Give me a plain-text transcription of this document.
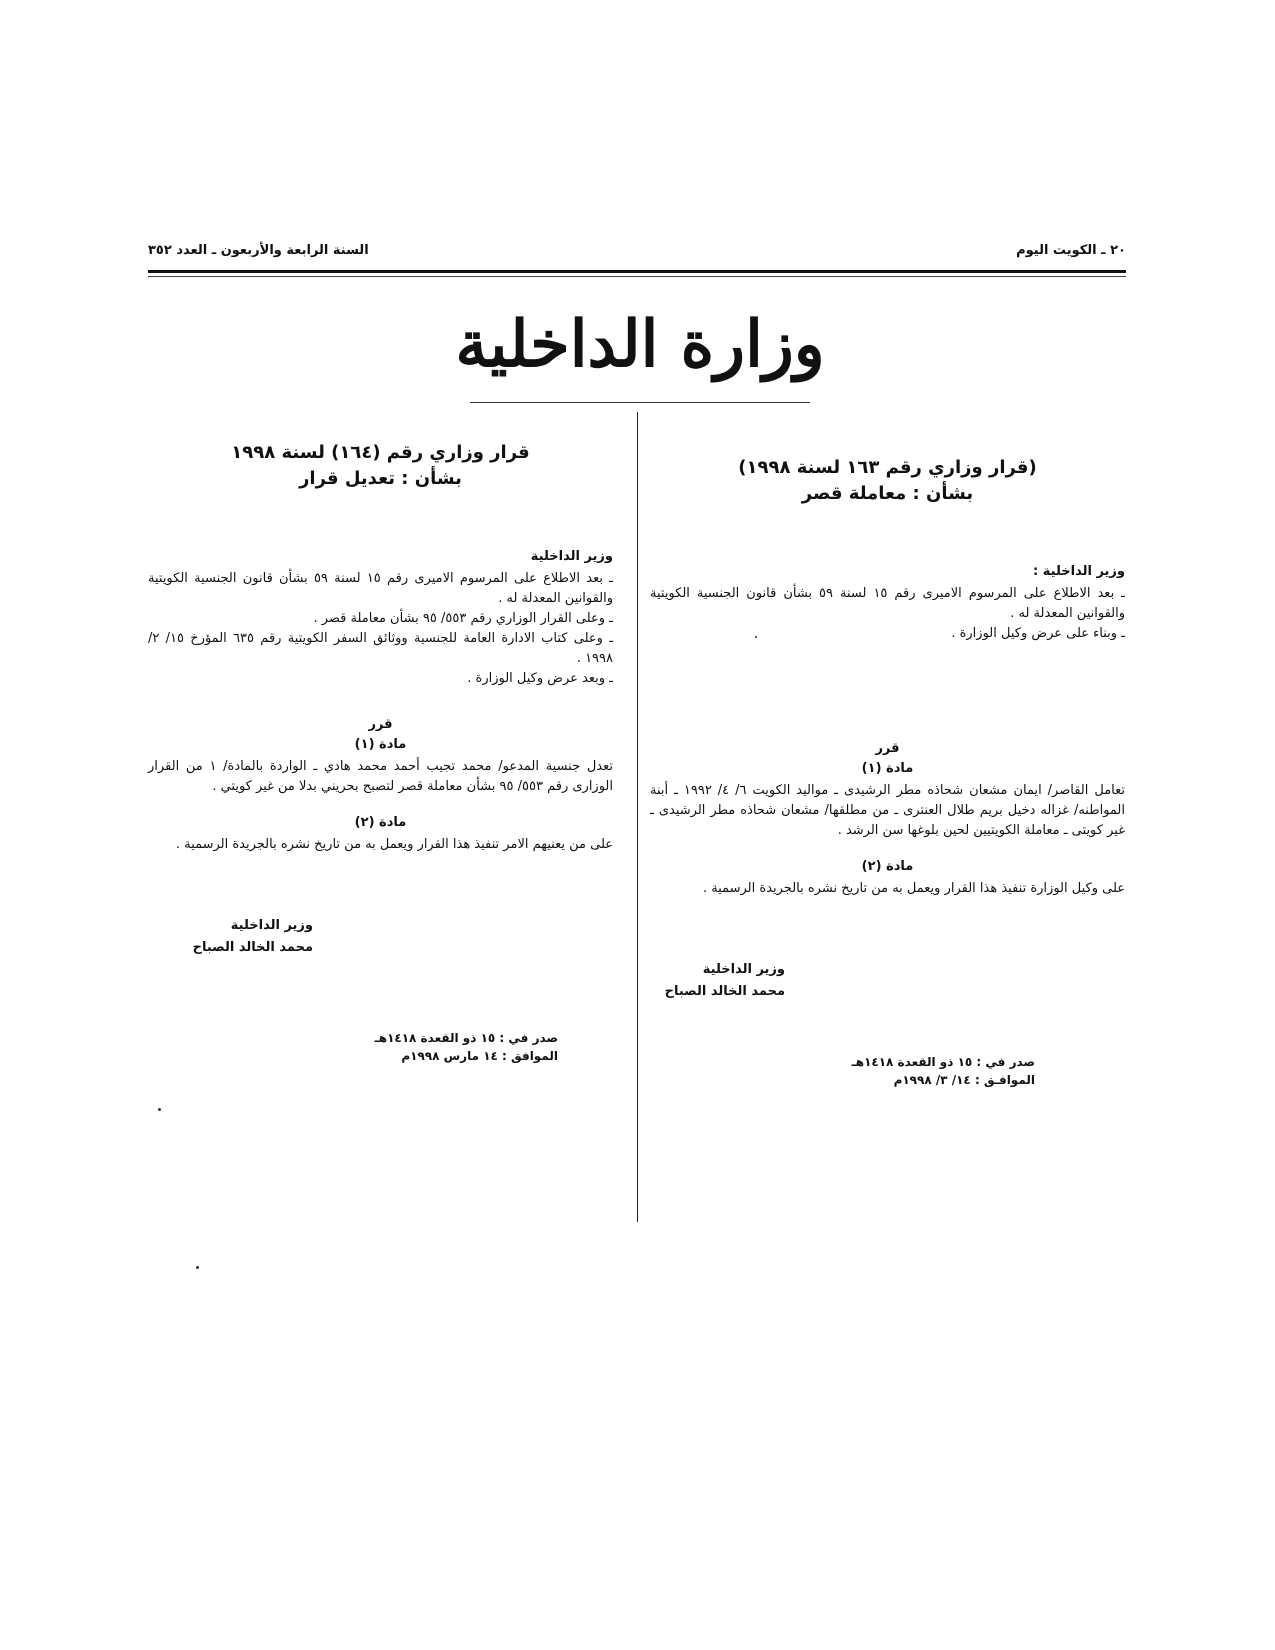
٢٠ ـ الكويت اليوم
السنة الرابعة والأربعون ـ العدد ٣٥٢
وزارة الداخلية
(قرار وزاري رقم ١٦٣ لسنة ١٩٩٨)
بشأن : معاملة قصر
وزير الداخلية :

ـ بعد الاطلاع على المرسوم الاميرى رقم ١٥ لسنة ٥٩ بشأن قانون الجنسية الكويتية والقوانين المعدلة له .

ـ وبناء على عرض وكيل الوزارة .

قرر
مادة (١)

تعامل القاصر/ ايمان مشعان شحاذه مطر الرشيدى ـ مواليد الكويت ٦/ ٤/ ١٩٩٢ ـ أبنة المواطنه/ غزاله دخيل بريم طلال العنترى ـ من مطلقها/ مشعان شحاذه مطر الرشيدى ـ غير كويتى ـ معاملة الكويتيين لحين بلوغها سن الرشد .

مادة (٢)

على وكيل الوزارة تنفيذ هذا القرار ويعمل به من تاريخ نشره بالجريدة الرسمية .

وزير الداخلية
محمد الخالد الصباح
صدر في : ١٥ ذو القعدة ١٤١٨هـ
الموافـق : ١٤/ ٣/ ١٩٩٨م
قرار وزاري رقم (١٦٤) لسنة ١٩٩٨
بشأن : تعديل قرار
وزير الداخلية

ـ بعد الاطلاع على المرسوم الاميرى رقم ١٥ لسنة ٥٩ بشأن قانون الجنسية الكويتية والقوانين المعدلة له .

ـ وعلى القرار الوزاري رقم ٥٥٣/ ٩٥ بشأن معاملة قصر .

ـ وعلى كتاب الادارة العامة للجنسية ووثائق السفر الكويتية رقم ٦٣٥ المؤرخ ١٥/ ٢/ ١٩٩٨ .

ـ وبعد عرض وكيل الوزارة .

قرر
مادة (١)

تعدل جنسية المدعو/ محمد تجيب أحمد محمد هادي ـ الواردة بالمادة/ ١ من القرار الوزارى رقم ٥٥٣/ ٩٥ بشأن معاملة قصر لتصبح بحريني بدلا من غير كويتي .

مادة (٢)

على من يعنيهم الامر تنفيذ هذا القرار ويعمل به من تاريخ نشره بالجريدة الرسمية .

وزير الداخلية
محمد الخالد الصباح
صدر في : ١٥ ذو القعدة ١٤١٨هـ
الموافق : ١٤ مارس ١٩٩٨م
